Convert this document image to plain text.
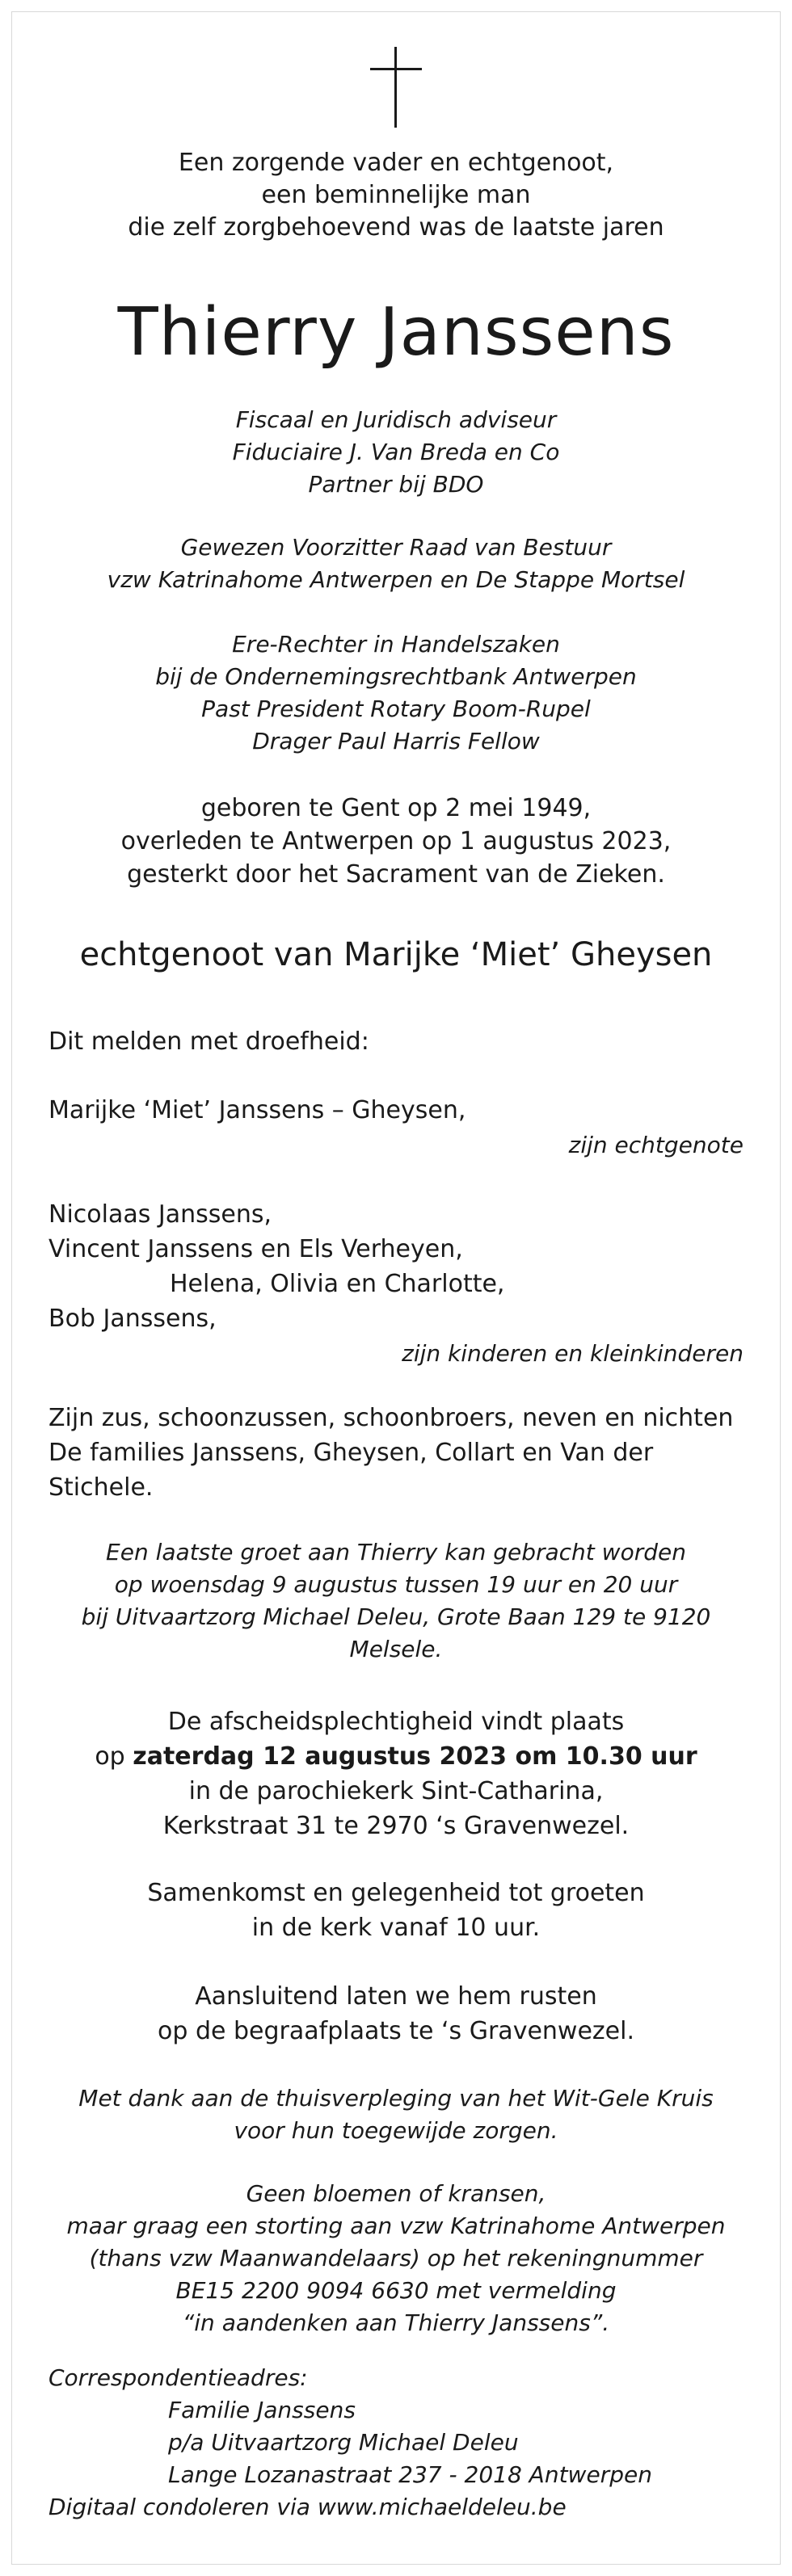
Een zorgende vader en echtgenoot,
een beminnelijke man
die zelf zorgbehoevend was de laatste jaren
Thierry Janssens
Fiscaal en Juridisch adviseur
Fiduciaire J. Van Breda en Co
Partner bij BDO
Gewezen Voorzitter Raad van Bestuur
vzw Katrinahome Antwerpen en De Stappe Mortsel
Ere-Rechter in Handelszaken
bij de Ondernemingsrechtbank Antwerpen
Past President Rotary Boom-Rupel
Drager Paul Harris Fellow
geboren te Gent op 2 mei 1949,
overleden te Antwerpen op 1 augustus 2023,
gesterkt door het Sacrament van de Zieken.
echtgenoot van Marijke ‘Miet’ Gheysen
Dit melden met droefheid:
Marijke ‘Miet’ Janssens – Gheysen,
zijn echtgenote
Nicolaas Janssens,
Vincent Janssens en Els Verheyen,
Helena, Olivia en Charlotte,
Bob Janssens,
zijn kinderen en kleinkinderen
Zijn zus, schoonzussen, schoonbroers, neven en nichten
De families Janssens, Gheysen, Collart en Van der Stichele.
Een laatste groet aan Thierry kan gebracht worden
op woensdag 9 augustus tussen 19 uur en 20 uur
bij Uitvaartzorg Michael Deleu, Grote Baan 129 te 9120 Melsele.
De afscheidsplechtigheid vindt plaats
op zaterdag 12 augustus 2023 om 10.30 uur
in de parochiekerk Sint-Catharina,
Kerkstraat 31 te 2970 ‘s Gravenwezel.
Samenkomst en gelegenheid tot groeten
in de kerk vanaf 10 uur.
Aansluitend laten we hem rusten
op de begraafplaats te ‘s Gravenwezel.
Met dank aan de thuisverpleging van het Wit-Gele Kruis
voor hun toegewijde zorgen.
Geen bloemen of kransen,
maar graag een storting aan vzw Katrinahome Antwerpen
(thans vzw Maanwandelaars) op het rekeningnummer
BE15 2200 9094 6630 met vermelding
“in aandenken aan Thierry Janssens”.
Correspondentieadres:
Familie Janssens
p/a Uitvaartzorg Michael Deleu
Lange Lozanastraat 237 - 2018 Antwerpen
Digitaal condoleren via www.michaeldeleu.be
